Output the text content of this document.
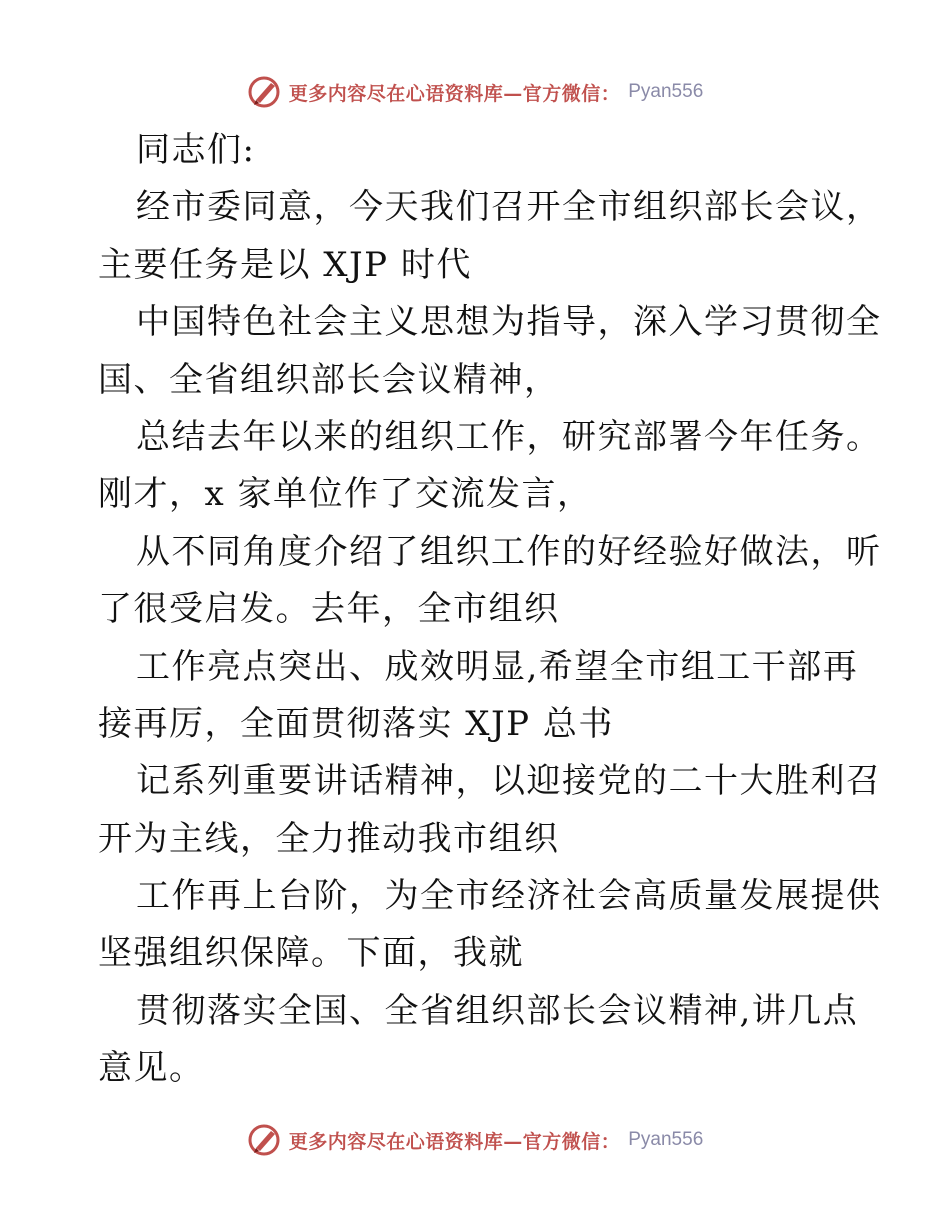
更多内容尽在心语资料库—官方微信： Pyan556
同志们:
经市委同意，今天我们召开全市组织部长会议，
主要任务是以 XJP 时代
中国特色社会主义思想为指导，深入学习贯彻全
国、全省组织部长会议精神，
总结去年以来的组织工作，研究部署今年任务。
刚才，x 家单位作了交流发言，
从不同角度介绍了组织工作的好经验好做法，听
了很受启发。去年，全市组织
工作亮点突出、成效明显,希望全市组工干部再
接再厉，全面贯彻落实 XJP 总书
记系列重要讲话精神，以迎接党的二十大胜利召
开为主线，全力推动我市组织
工作再上台阶，为全市经济社会高质量发展提供
坚强组织保障。下面，我就
贯彻落实全国、全省组织部长会议精神,讲几点
意见。
更多内容尽在心语资料库—官方微信： Pyan556
